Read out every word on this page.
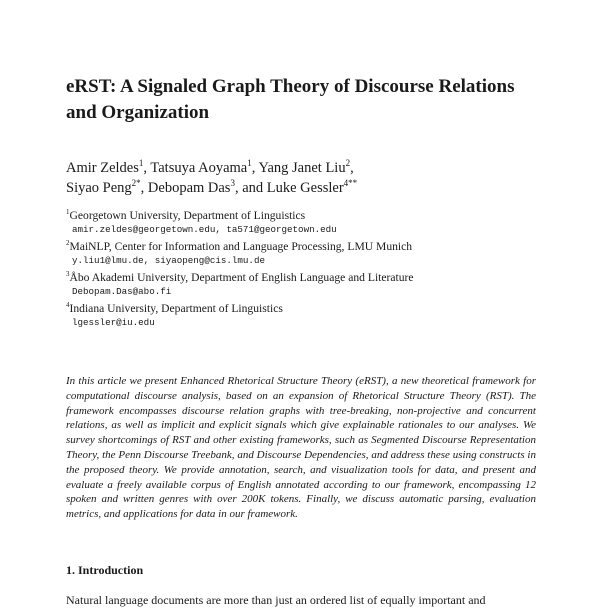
eRST: A Signaled Graph Theory of Discourse Relations and Organization
Amir Zeldes$^1$, Tatsuya Aoyama$^1$, Yang Janet Liu$^2$,
Siyao Peng$^{2*}$, Debopam Das$^3$, and Luke Gessler$^{4**}$
$^1$Georgetown University, Department of Linguistics
amir.zeldes@georgetown.edu, ta571@georgetown.edu
$^2$MaiNLP, Center for Information and Language Processing, LMU Munich
y.liu1@lmu.de, siyaopeng@cis.lmu.de
$^3$Åbo Akademi University, Department of English Language and Literature
Debopam.Das@abo.fi
$^4$Indiana University, Department of Linguistics
lgessler@iu.edu

In this article we present Enhanced Rhetorical Structure Theory (eRST), a new theoretical framework for computational discourse analysis, based on an expansion of Rhetorical Structure Theory (RST). The framework encompasses discourse relation graphs with tree-breaking, non-projective and concurrent relations, as well as implicit and explicit signals which give explainable rationales to our analyses. We survey shortcomings of RST and other existing frameworks, such as Segmented Discourse Representation Theory, the Penn Discourse Treebank, and Discourse Dependencies, and address these using constructs in the proposed theory. We provide annotation, search, and visualization tools for data, and present and evaluate a freely available corpus of English annotated according to our framework, encompassing 12 spoken and written genres with over 200K tokens. Finally, we discuss automatic parsing, evaluation metrics, and applications for data in our framework.

1. Introduction
Natural language documents are more than just an ordered list of equally important and
